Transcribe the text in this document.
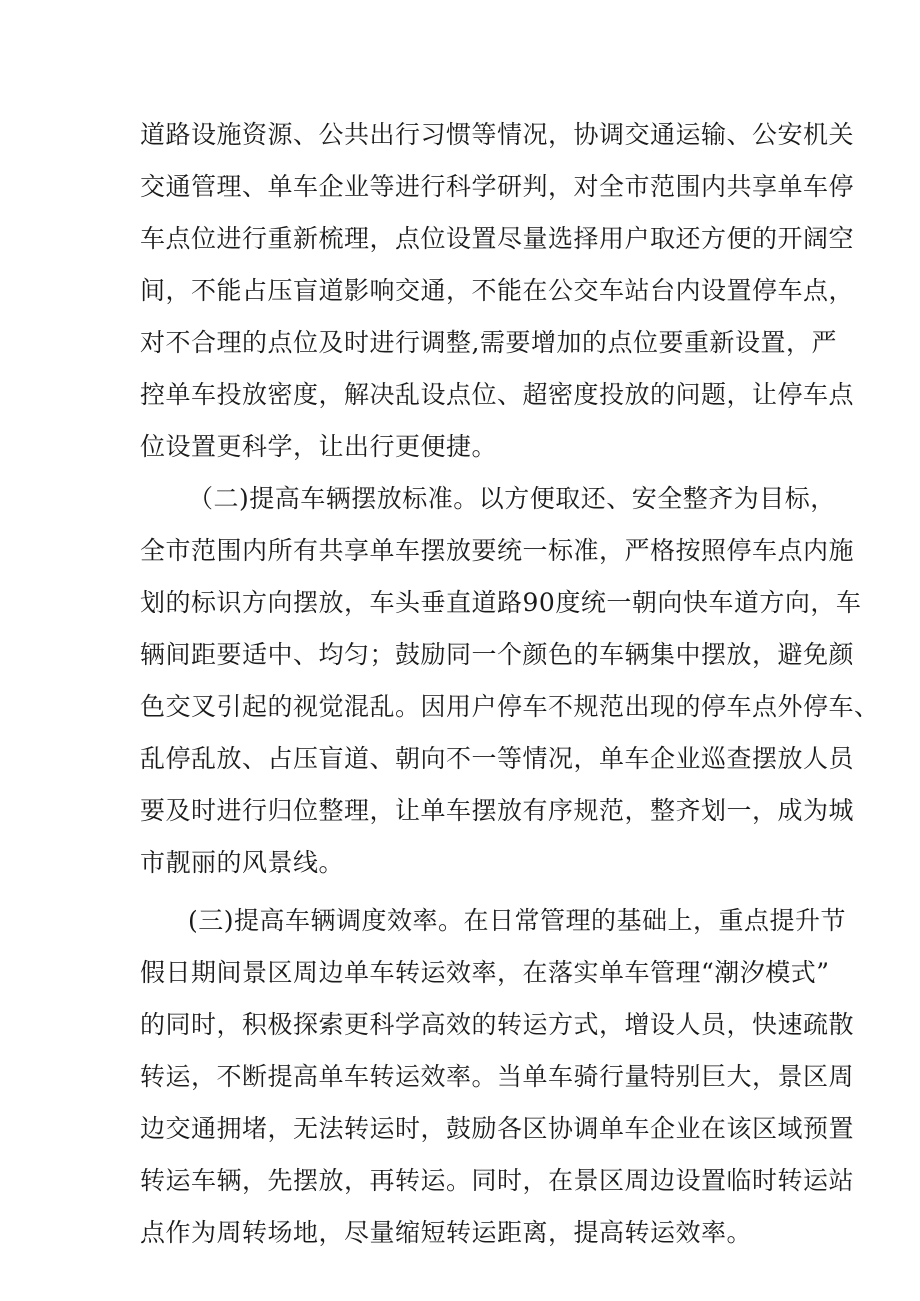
道路设施资源、公共出行习惯等情况，协调交通运输、公安机关
交通管理、单车企业等进行科学研判，对全市范围内共享单车停
车点位进行重新梳理，点位设置尽量选择用户取还方便的开阔空
间，不能占压盲道影响交通，不能在公交车站台内设置停车点，
对不合理的点位及时进行调整,需要增加的点位要重新设置，严
控单车投放密度，解决乱设点位、超密度投放的问题，让停车点
位设置更科学，让出行更便捷。
（二)提高车辆摆放标准。以方便取还、安全整齐为目标，
全市范围内所有共享单车摆放要统一标准，严格按照停车点内施
划的标识方向摆放，车头垂直道路90度统一朝向快车道方向，车
辆间距要适中、均匀；鼓励同一个颜色的车辆集中摆放，避免颜
色交叉引起的视觉混乱。因用户停车不规范出现的停车点外停车、
乱停乱放、占压盲道、朝向不一等情况，单车企业巡查摆放人员
要及时进行归位整理，让单车摆放有序规范，整齐划一，成为城
市靓丽的风景线。
(三)提高车辆调度效率。在日常管理的基础上，重点提升节
假日期间景区周边单车转运效率，在落实单车管理“潮汐模式”
的同时，积极探索更科学高效的转运方式，增设人员，快速疏散
转运，不断提高单车转运效率。当单车骑行量特别巨大，景区周
边交通拥堵，无法转运时，鼓励各区协调单车企业在该区域预置
转运车辆，先摆放，再转运。同时，在景区周边设置临时转运站
点作为周转场地，尽量缩短转运距离，提高转运效率。
